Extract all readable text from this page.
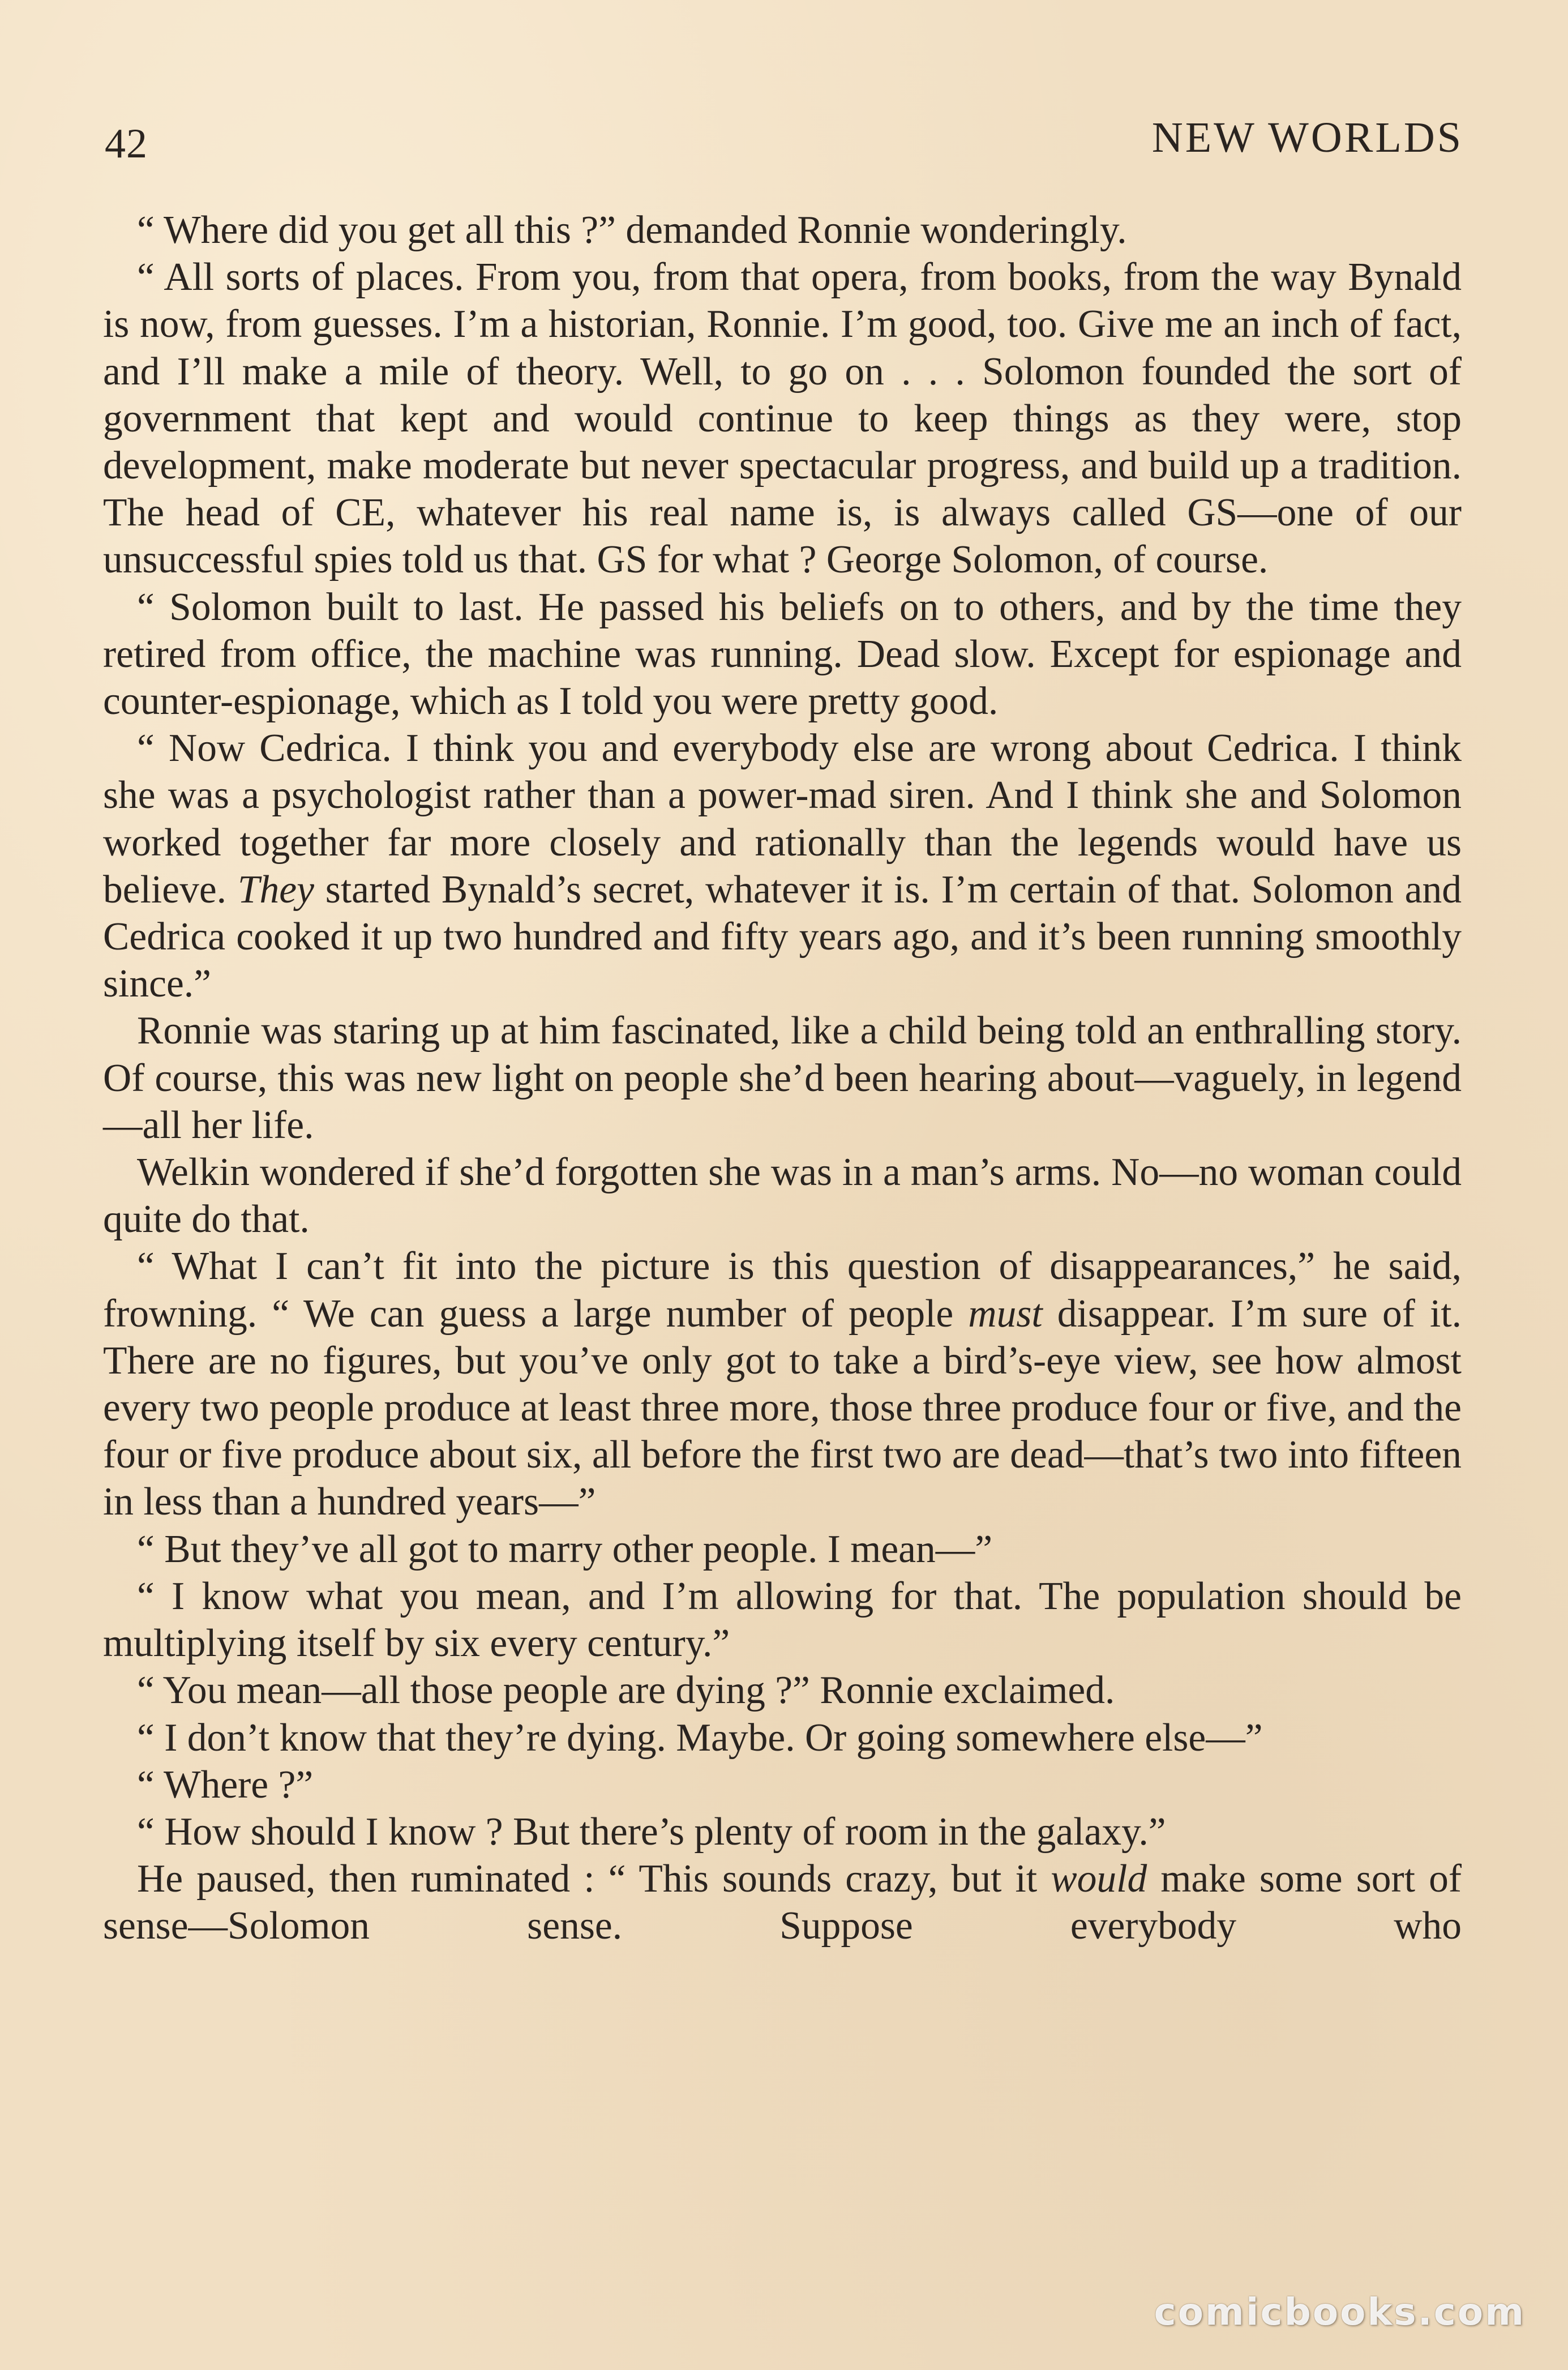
42	NEW WORLDS

“ Where did you get all this ?” demanded Ronnie wonderingly.

“ All sorts of places. From you, from that opera, from books, from the way Bynald is now, from guesses. I’m a historian, Ronnie. I’m good, too. Give me an inch of fact, and I’ll make a mile of theory. Well, to go on . . . Solomon founded the sort of government that kept and would continue to keep things as they were, stop development, make moderate but never spectacular progress, and build up a tradition. The head of CE, whatever his real name is, is always called GS—one of our unsuccessful spies told us that. GS for what ? George Solomon, of course.

“ Solomon built to last. He passed his beliefs on to others, and by the time they retired from office, the machine was running. Dead slow. Except for espionage and counter-espionage, which as I told you were pretty good.

“ Now Cedrica. I think you and everybody else are wrong about Cedrica. I think she was a psychologist rather than a power-mad siren. And I think she and Solomon worked together far more closely and rationally than the legends would have us believe. They started Bynald’s secret, whatever it is. I’m certain of that. Solomon and Cedrica cooked it up two hundred and fifty years ago, and it’s been running smoothly since.”

Ronnie was staring up at him fascinated, like a child being told an enthralling story. Of course, this was new light on people she’d been hearing about—vaguely, in legend—all her life.

Welkin wondered if she’d forgotten she was in a man’s arms. No—no woman could quite do that.

“ What I can’t fit into the picture is this question of disappearances,” he said, frowning. “ We can guess a large number of people must disappear. I’m sure of it. There are no figures, but you’ve only got to take a bird’s-eye view, see how almost every two people produce at least three more, those three produce four or five, and the four or five produce about six, all before the first two are dead—that’s two into fifteen in less than a hundred years—”

“ But they’ve all got to marry other people. I mean—”

“ I know what you mean, and I’m allowing for that. The population should be multiplying itself by six every century.”

“ You mean—all those people are dying ?” Ronnie exclaimed.

“ I don’t know that they’re dying. Maybe. Or going somewhere else—”

“ Where ?”

“ How should I know ? But there’s plenty of room in the galaxy.”

He paused, then ruminated : “ This sounds crazy, but it would make some sort of sense—Solomon sense. Suppose everybody who

comicbooks.com
